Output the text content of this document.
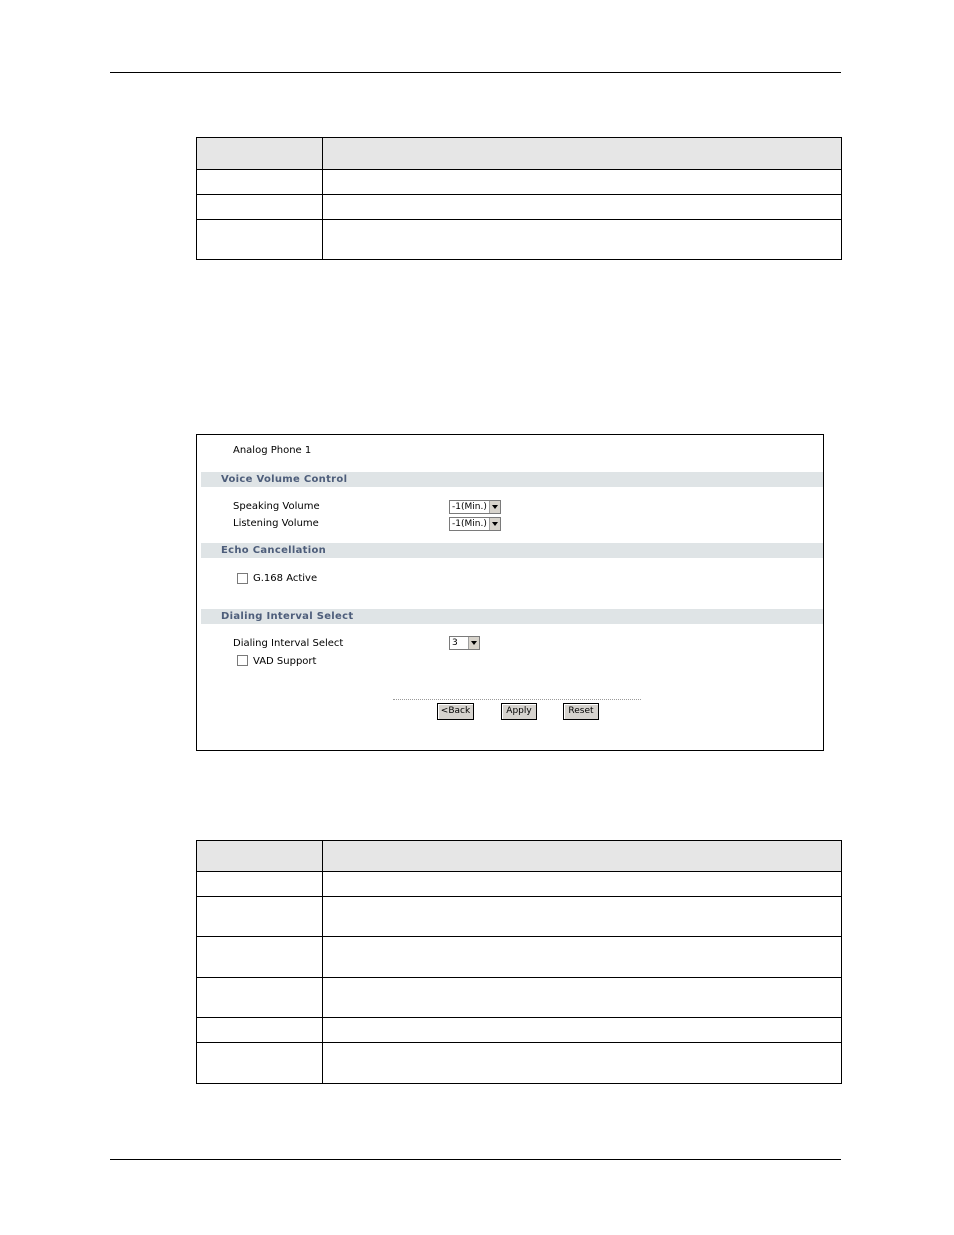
Analog Phone 1
Voice Volume Control
Speaking Volume	-1(Min.)
Listening Volume	-1(Min.)
Echo Cancellation
G.168 Active
Dialing Interval Select
Dialing Interval Select	3
VAD Support
<Back	Apply	Reset
